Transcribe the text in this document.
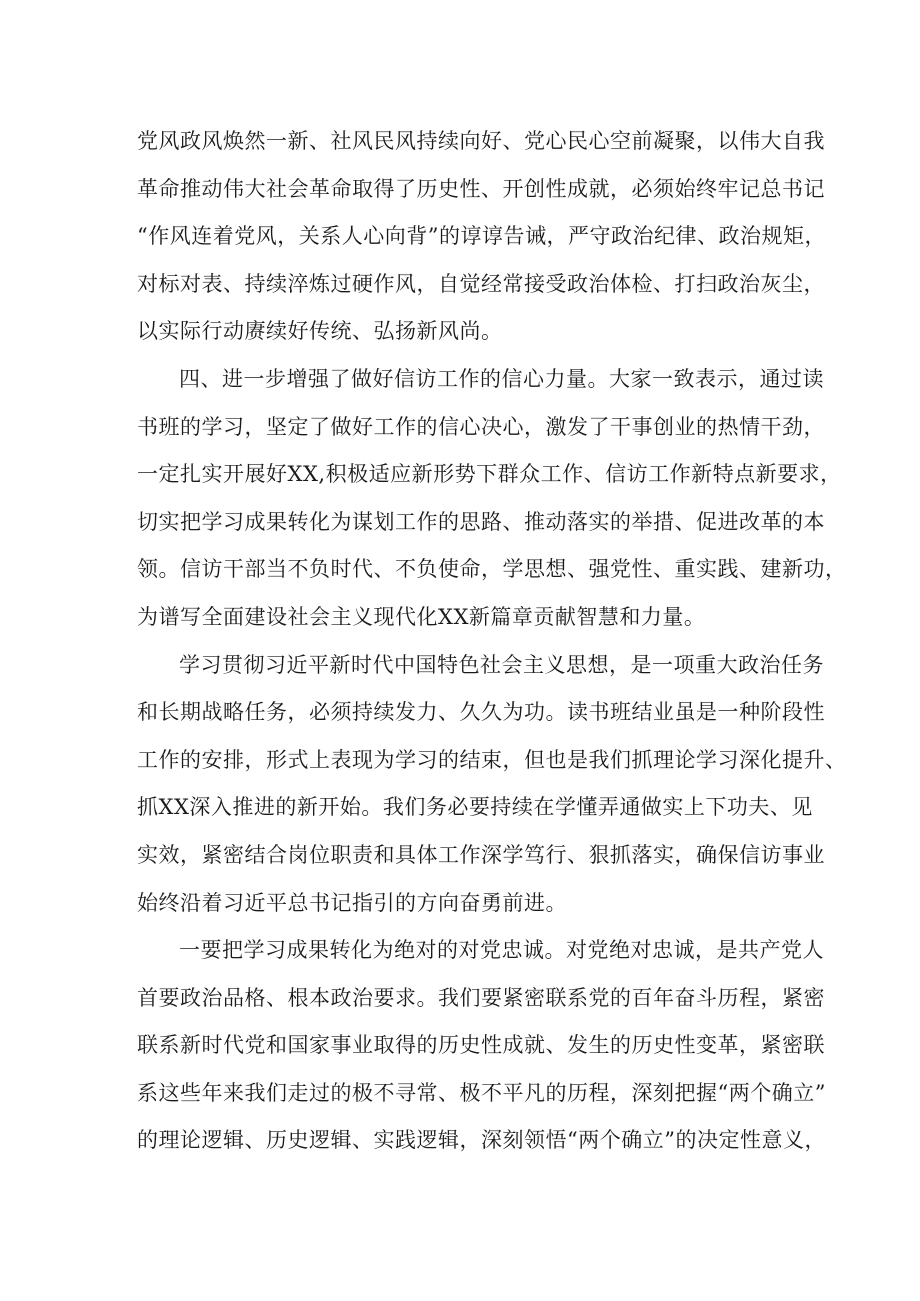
党风政风焕然一新、社风民风持续向好、党心民心空前凝聚，以伟大自我
革命推动伟大社会革命取得了历史性、开创性成就，必须始终牢记总书记
“作风连着党风，关系人心向背”的谆谆告诫，严守政治纪律、政治规矩，
对标对表、持续淬炼过硬作风，自觉经常接受政治体检、打扫政治灰尘，
以实际行动赓续好传统、弘扬新风尚。
四、进一步增强了做好信访工作的信心力量。大家一致表示，通过读
书班的学习，坚定了做好工作的信心决心，激发了干事创业的热情干劲，
一定扎实开展好XX,积极适应新形势下群众工作、信访工作新特点新要求，
切实把学习成果转化为谋划工作的思路、推动落实的举措、促进改革的本
领。信访干部当不负时代、不负使命，学思想、强党性、重实践、建新功，
为谱写全面建设社会主义现代化XX新篇章贡献智慧和力量。
学习贯彻习近平新时代中国特色社会主义思想，是一项重大政治任务
和长期战略任务，必须持续发力、久久为功。读书班结业虽是一种阶段性
工作的安排，形式上表现为学习的结束，但也是我们抓理论学习深化提升、
抓XX深入推进的新开始。我们务必要持续在学懂弄通做实上下功夫、见
实效，紧密结合岗位职责和具体工作深学笃行、狠抓落实，确保信访事业
始终沿着习近平总书记指引的方向奋勇前进。
一要把学习成果转化为绝对的对党忠诚。对党绝对忠诚，是共产党人
首要政治品格、根本政治要求。我们要紧密联系党的百年奋斗历程，紧密
联系新时代党和国家事业取得的历史性成就、发生的历史性变革，紧密联
系这些年来我们走过的极不寻常、极不平凡的历程，深刻把握“两个确立”
的理论逻辑、历史逻辑、实践逻辑，深刻领悟“两个确立”的决定性意义，
